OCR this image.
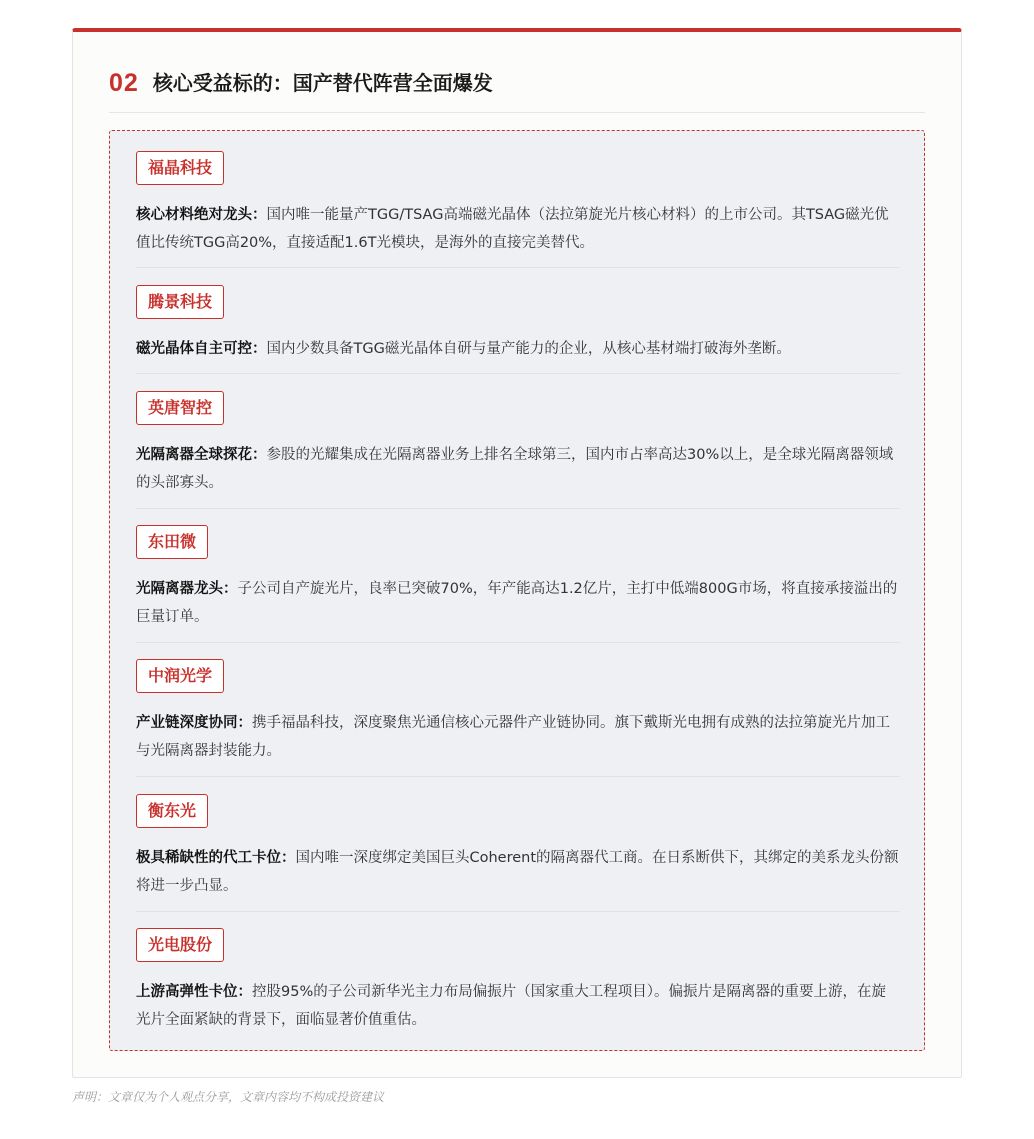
02 核心受益标的：国产替代阵营全面爆发
福晶科技
核心材料绝对龙头：国内唯一能量产TGG/TSAG高端磁光晶体（法拉第旋光片核心材料）的上市公司。其TSAG磁光优值比传统TGG高20%，直接适配1.6T光模块，是海外的直接完美替代。
腾景科技
磁光晶体自主可控：国内少数具备TGG磁光晶体自研与量产能力的企业，从核心基材端打破海外垄断。
英唐智控
光隔离器全球探花：参股的光耀集成在光隔离器业务上排名全球第三，国内市占率高达30%以上，是全球光隔离器领域的头部寡头。
东田微
光隔离器龙头：子公司自产旋光片，良率已突破70%，年产能高达1.2亿片，主打中低端800G市场，将直接承接溢出的巨量订单。
中润光学
产业链深度协同：携手福晶科技，深度聚焦光通信核心元器件产业链协同。旗下戴斯光电拥有成熟的法拉第旋光片加工与光隔离器封装能力。
衡东光
极具稀缺性的代工卡位：国内唯一深度绑定美国巨头Coherent的隔离器代工商。在日系断供下，其绑定的美系龙头份额将进一步凸显。
光电股份
上游高弹性卡位：控股95%的子公司新华光主力布局偏振片（国家重大工程项目）。偏振片是隔离器的重要上游，在旋光片全面紧缺的背景下，面临显著价值重估。
声明：文章仅为个人观点分享，文章内容均不构成投资建议
